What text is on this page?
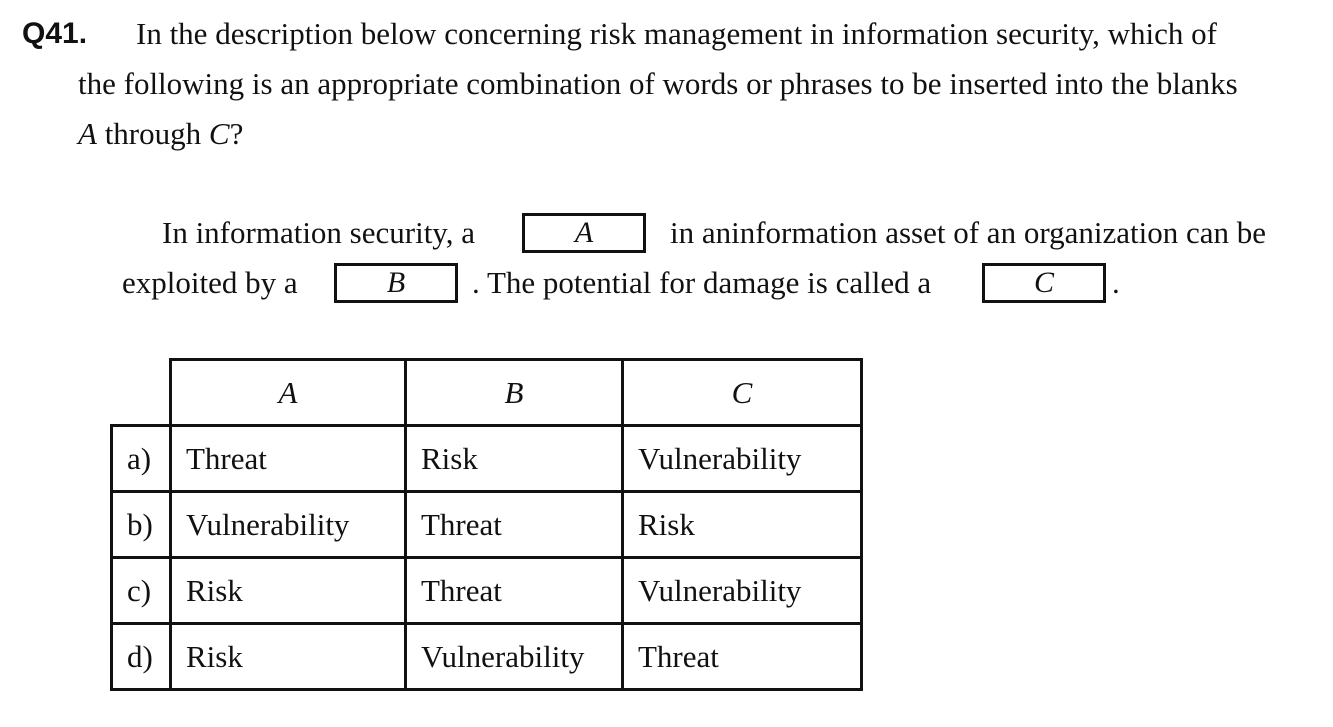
Q41. In the description below concerning risk management in information security, which of
the following is an appropriate combination of words or phrases to be inserted into the blanks
A through C?
In information security, a	A	in aninformation asset of an organization can be
exploited by a	B	. The potential for damage is called a	C	.
	A	B	C
a)	Threat	Risk	Vulnerability
b)	Vulnerability	Threat	Risk
c)	Risk	Threat	Vulnerability
d)	Risk	Vulnerability	Threat
